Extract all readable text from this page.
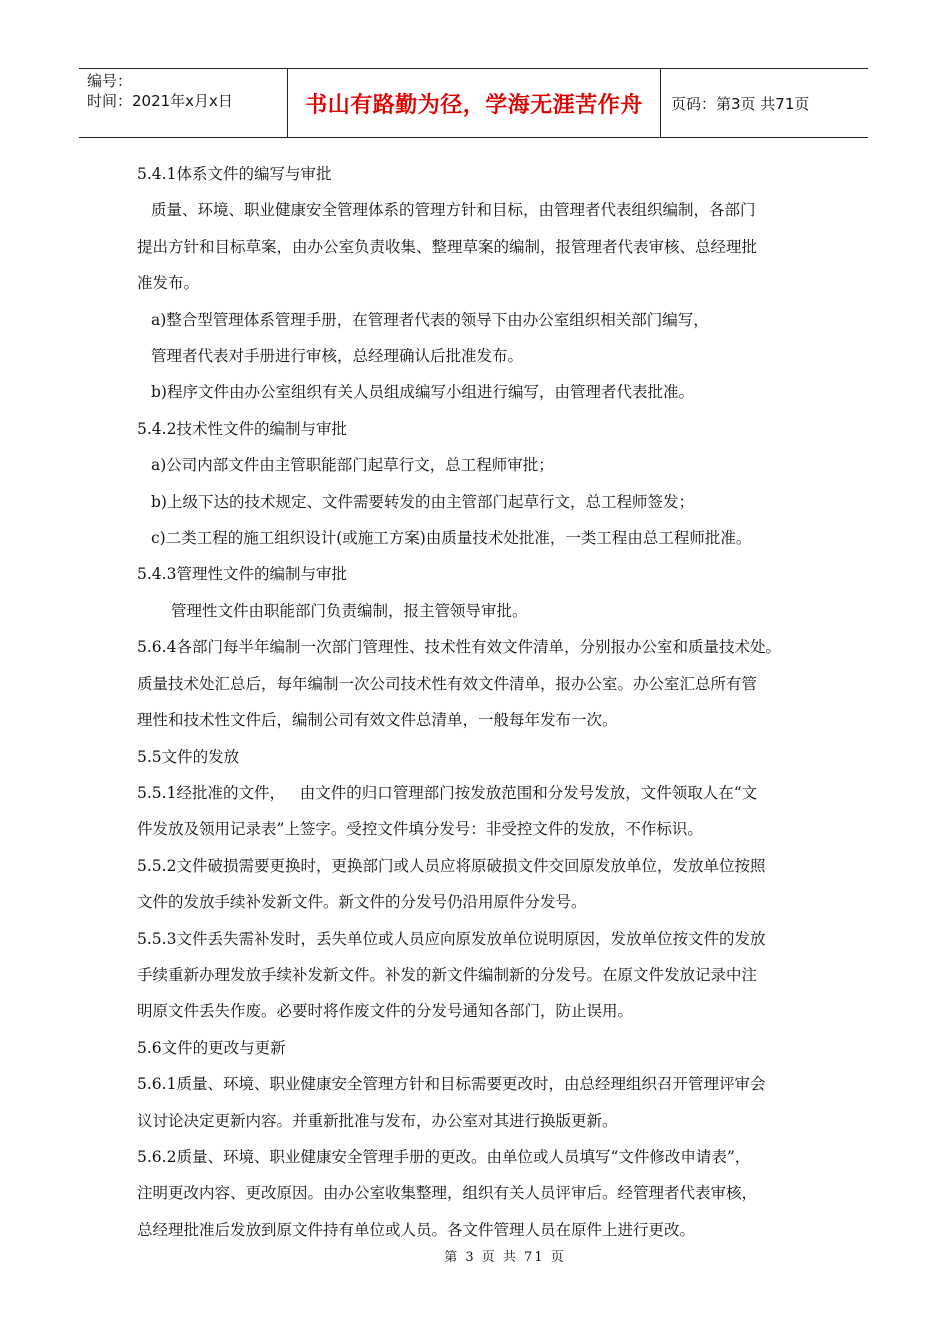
编号：
时间：2021年x月x日	书山有路勤为径，学海无涯苦作舟 页码：第3页 共71页

5.4.1体系文件的编写与审批

质量、环境、职业健康安全管理体系的管理方针和目标，由管理者代表组织编制，各部门

提出方针和目标草案，由办公室负责收集、整理草案的编制，报管理者代表审核、总经理批

准发布。

a)整合型管理体系管理手册，在管理者代表的领导下由办公室组织相关部门编写，

管理者代表对手册进行审核，总经理确认后批准发布。

b)程序文件由办公室组织有关人员组成编写小组进行编写，由管理者代表批准。

5.4.2技术性文件的编制与审批

a)公司内部文件由主管职能部门起草行文，总工程师审批；

b)上级下达的技术规定、文件需要转发的由主管部门起草行文，总工程师签发；

c)二类工程的施工组织设计(或施工方案)由质量技术处批准，一类工程由总工程师批准。

5.4.3管理性文件的编制与审批

管理性文件由职能部门负责编制，报主管领导审批。

5.6.4各部门每半年编制一次部门管理性、技术性有效文件清单，分别报办公室和质量技术处。

质量技术处汇总后，每年编制一次公司技术性有效文件清单，报办公室。办公室汇总所有管

理性和技术性文件后，编制公司有效文件总清单，一般每年发布一次。

5.5文件的发放

5.5.1经批准的文件，   由文件的归口管理部门按发放范围和分发号发放，文件领取人在“文

件发放及领用记录表”上签字。受控文件填分发号：非受控文件的发放，不作标识。

5.5.2文件破损需要更换时，更换部门或人员应将原破损文件交回原发放单位，发放单位按照

文件的发放手续补发新文件。新文件的分发号仍沿用原件分发号。

5.5.3文件丢失需补发时，丢失单位或人员应向原发放单位说明原因，发放单位按文件的发放

手续重新办理发放手续补发新文件。补发的新文件编制新的分发号。在原文件发放记录中注

明原文件丢失作废。必要时将作废文件的分发号通知各部门，防止误用。

5.6文件的更改与更新

5.6.1质量、环境、职业健康安全管理方针和目标需要更改时，由总经理组织召开管理评审会

议讨论决定更新内容。并重新批准与发布，办公室对其进行换版更新。

5.6.2质量、环境、职业健康安全管理手册的更改。由单位或人员填写“文件修改申请表”，

注明更改内容、更改原因。由办公室收集整理，组织有关人员评审后。经管理者代表审核，

总经理批准后发放到原文件持有单位或人员。各文件管理人员在原件上进行更改。

第 3 页 共 71 页
